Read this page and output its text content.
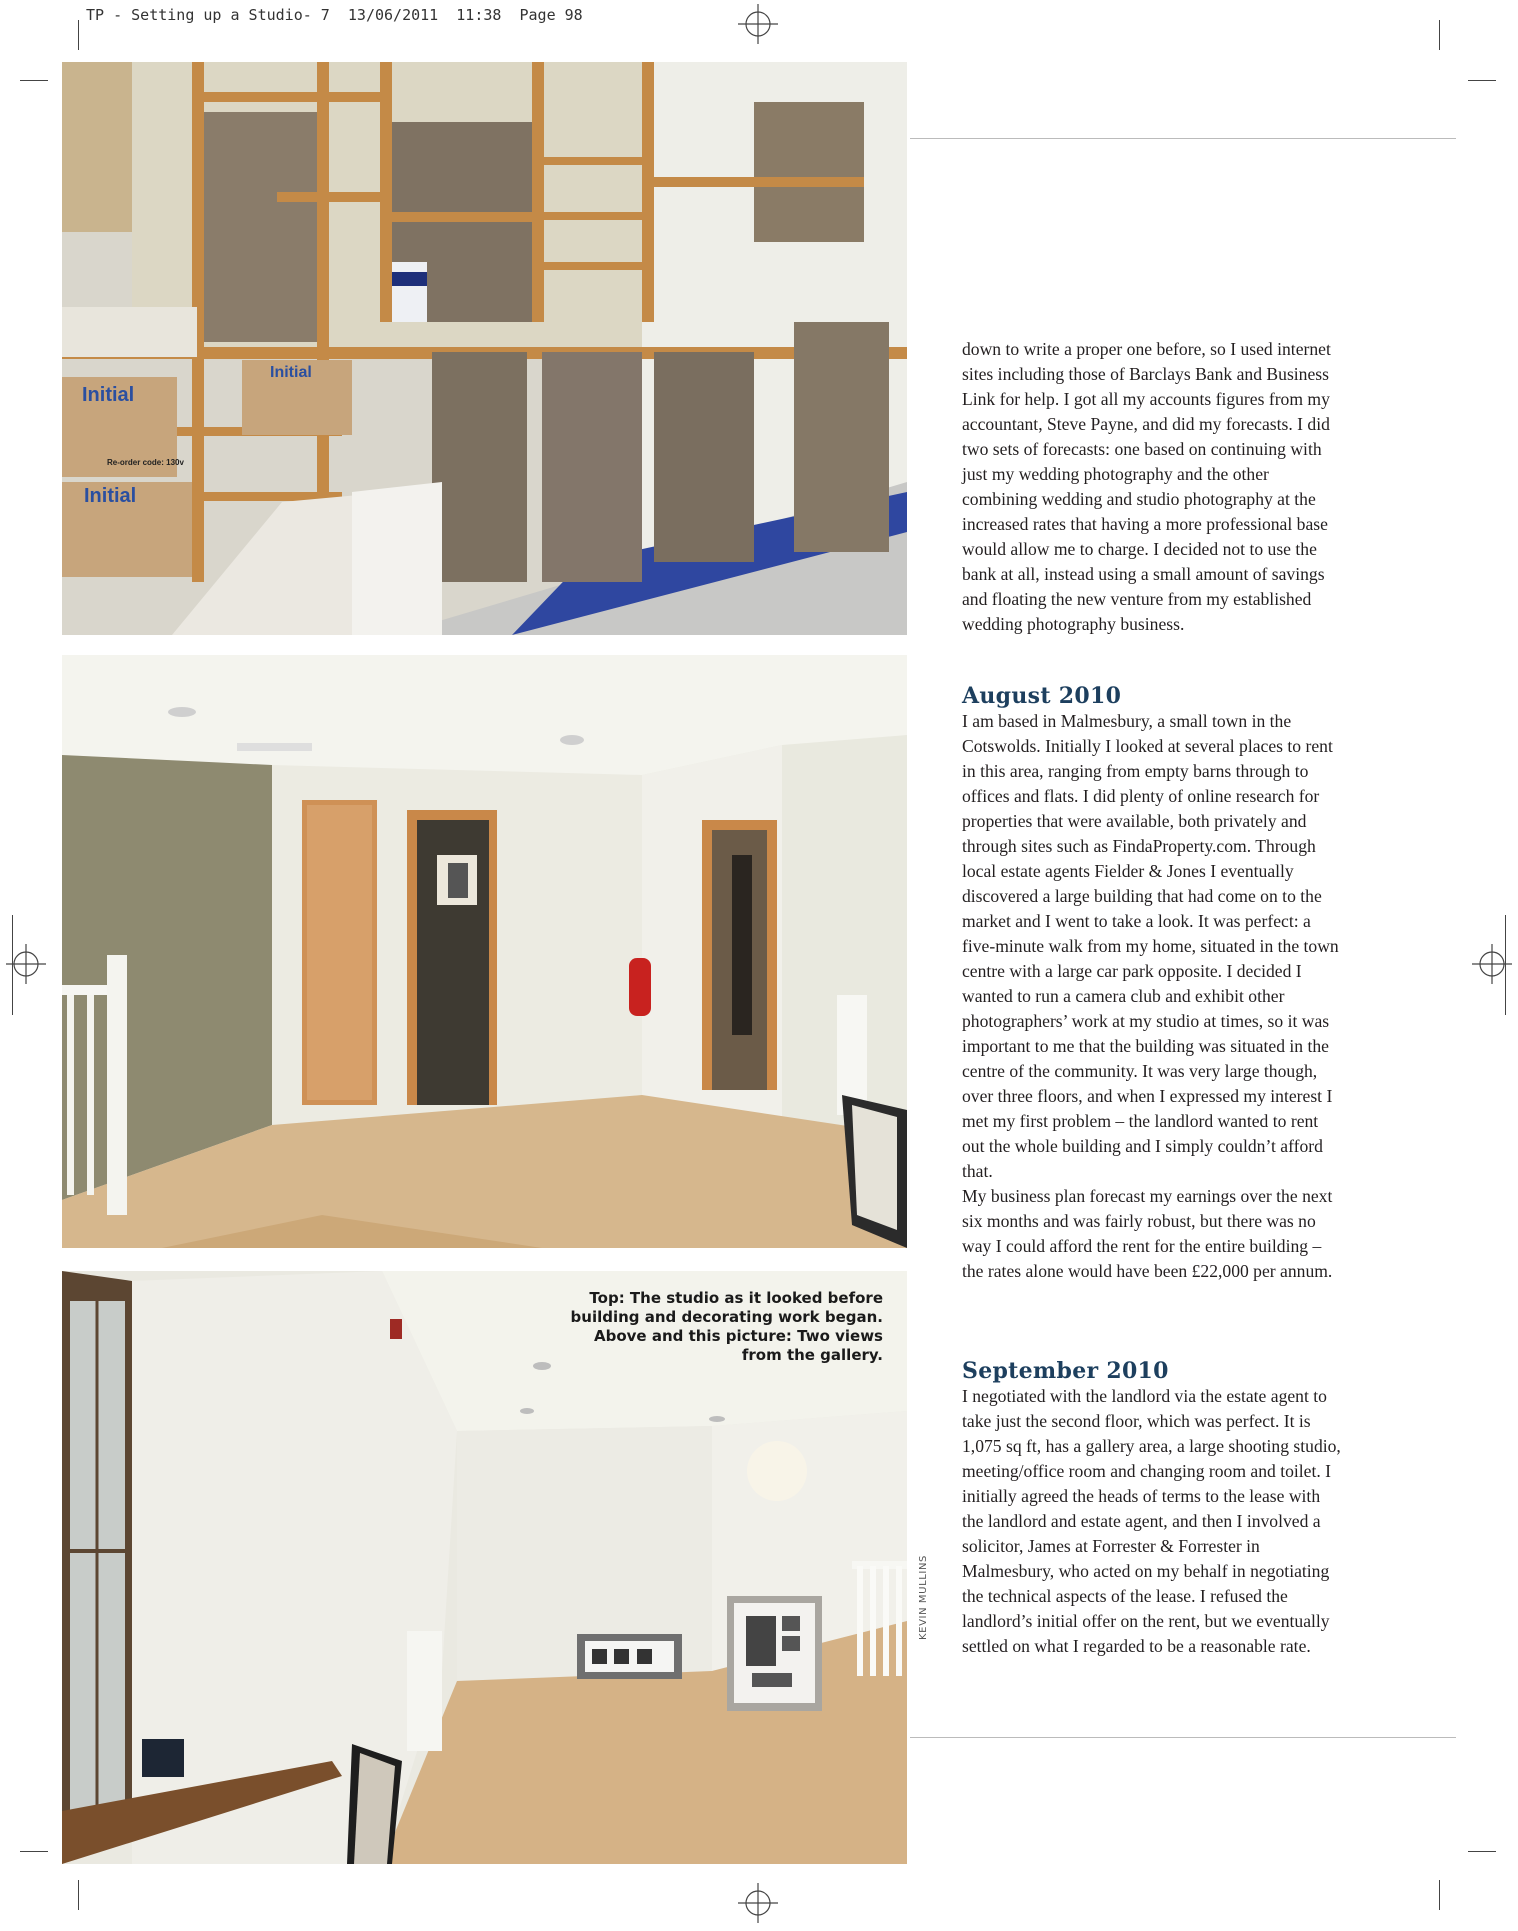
TP - Setting up a Studio- 7  13/06/2011  11:38  Page 98
Initial
Initial
Initial
Re-order code: 130v
Top: The studio as it looked before building and decorating work began. Above and this picture: Two views from the gallery.
KEVIN MULLINS

down to write a proper one before, so I used internet sites including those of Barclays Bank and Business Link for help. I got all my accounts figures from my accountant, Steve Payne, and did my forecasts. I did two sets of forecasts: one based on continuing with just my wedding photography and the other combining wedding and studio photography at the increased rates that having a more professional base would allow me to charge. I decided not to use the bank at all, instead using a small amount of savings and floating the new venture from my established wedding photography business.

August 2010

I am based in Malmesbury, a small town in the Cotswolds. Initially I looked at several places to rent in this area, ranging from empty barns through to offices and flats. I did plenty of online research for properties that were available, both privately and through sites such as FindaProperty.com. Through local estate agents Fielder & Jones I eventually discovered a large building that had come on to the market and I went to take a look. It was perfect: a five-minute walk from my home, situated in the town centre with a large car park opposite. I decided I wanted to run a camera club and exhibit other photographers’ work at my studio at times, so it was important to me that the building was situated in the centre of the community. It was very large though, over three floors, and when I expressed my interest I met my first problem – the landlord wanted to rent out the whole building and I simply couldn’t afford that.

My business plan forecast my earnings over the next six months and was fairly robust, but there was no way I could afford the rent for the entire building – the rates alone would have been £22,000 per annum.

September 2010

I negotiated with the landlord via the estate agent to take just the second floor, which was perfect. It is 1,075 sq ft, has a gallery area, a large shooting studio, meeting/office room and changing room and toilet. I initially agreed the heads of terms to the lease with the landlord and estate agent, and then I involved a solicitor, James at Forrester & Forrester in Malmesbury, who acted on my behalf in negotiating the technical aspects of the lease. I refused the landlord’s initial offer on the rent, but we eventually settled on what I regarded to be a reasonable rate.
